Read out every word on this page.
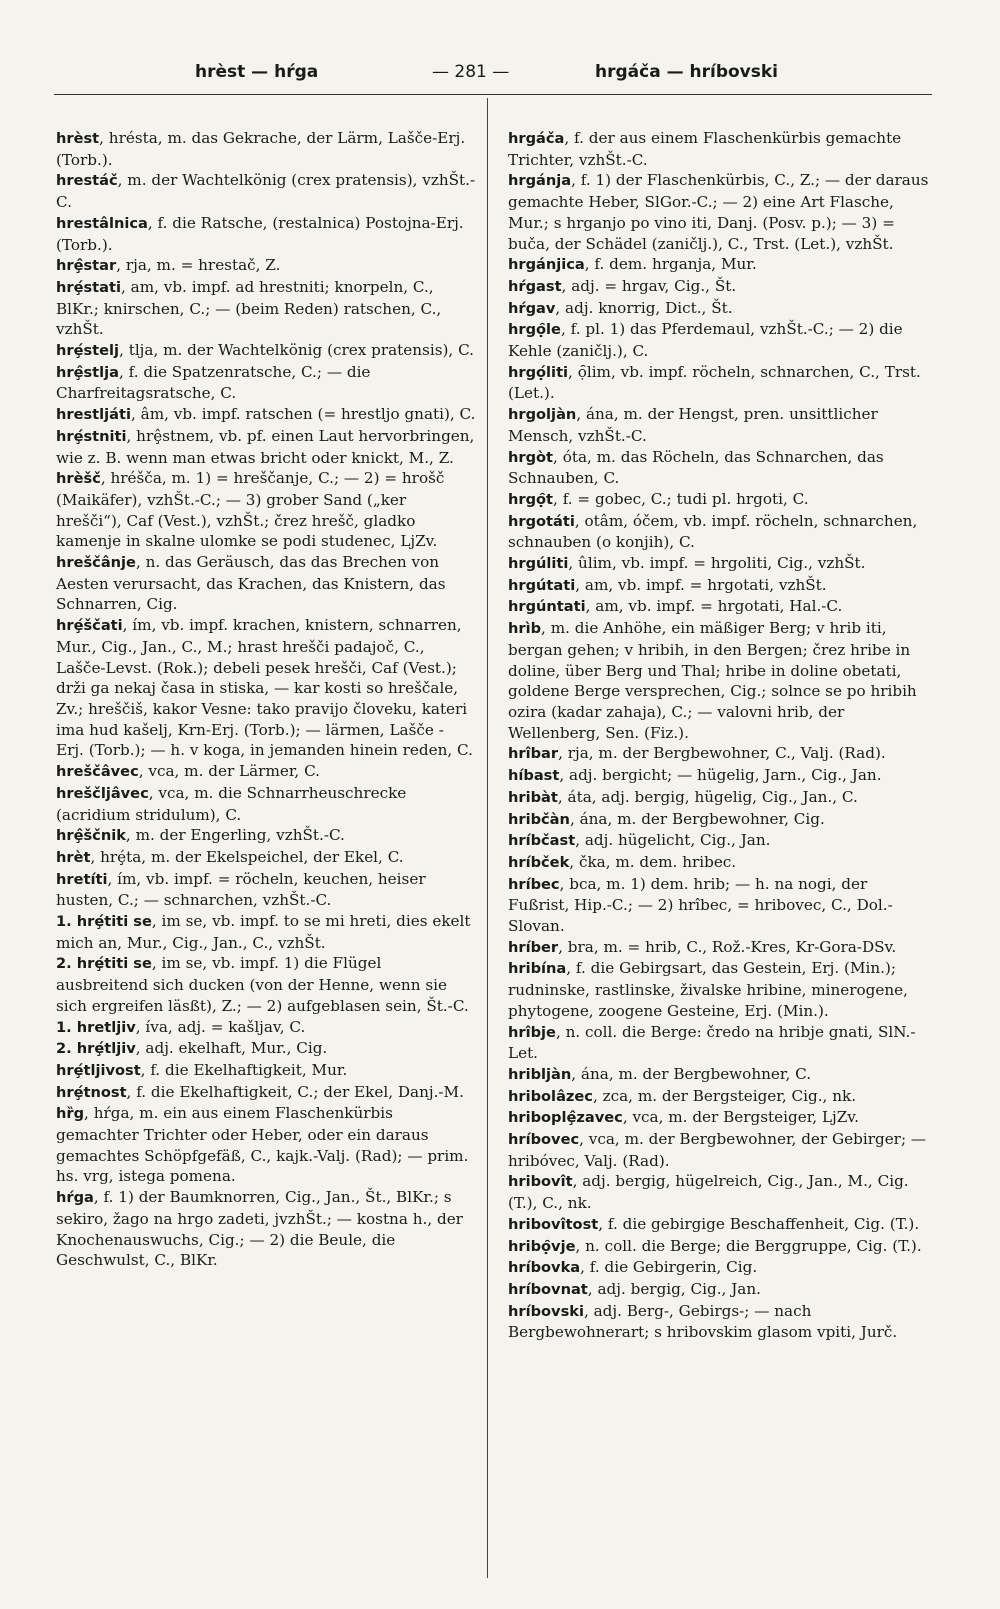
hrèst — hŕga	— 281 —	hrgáča — hríbovski

hrèst, hrésta, m. das Gekrache, der Lärm, Lašče-Erj. (Torb.).

hrestáč, m. der Wachtelkönig (crex pratensis), vzhŠt.-C.

hrestâlnica, f. die Ratsche, (restalnica) Postojna-Erj. (Torb.).

hrȩ̂star, rja, m. = hrestač, Z.

hrȩ́stati, am, vb. impf. ad hrestniti; knorpeln, C., BlKr.; knirschen, C.; — (beim Reden) ratschen, C., vzhŠt.

hrȩ́stelj, tlja, m. der Wachtelkönig (crex pratensis), C.

hrȩ̂stlja, f. die Spatzenratsche, C.; — die Charfreitagsratsche, C.

hrestljáti, âm, vb. impf. ratschen (= hrestljo gnati), C.

hrȩ́stniti, hrȩ̂stnem, vb. pf. einen Laut hervorbringen, wie z. B. wenn man etwas bricht oder knickt, M., Z.

hrèšč, hréšča, m. 1) = hreščanje, C.; — 2) = hrošč (Maikäfer), vzhŠt.-C.; — 3) grober Sand („ker hrešči“), Caf (Vest.), vzhŠt.; črez hrešč, gladko kamenje in skalne ulomke se podi studenec, LjZv.

hreščânje, n. das Geräusch, das das Brechen von Aesten verursacht, das Krachen, das Knistern, das Schnarren, Cig.

hrȩ́ščati, ím, vb. impf. krachen, knistern, schnarren, Mur., Cig., Jan., C., M.; hrast hrešči padajoč, C., Lašče-Levst. (Rok.); debeli pesek hrešči, Caf (Vest.); drži ga nekaj časa in stiska, — kar kosti so hreščale, Zv.; hreščiš, kakor Vesne: tako pravijo človeku, kateri ima hud kašelj, Krn-Erj. (Torb.); — lärmen, Lašče - Erj. (Torb.); — h. v koga, in jemanden hinein reden, C.

hreščâvec, vca, m. der Lärmer, C.

hreščljâvec, vca, m. die Schnarrheuschrecke (acridium stridulum), C.

hrȩ̂ščnik, m. der Engerling, vzhŠt.-C.

hrèt, hrȩ́ta, m. der Ekelspeichel, der Ekel, C.

hretíti, ím, vb. impf. = röcheln, keuchen, heiser husten, C.; — schnarchen, vzhŠt.-C.

1. hrȩ́titi se, im se, vb. impf. to se mi hreti, dies ekelt mich an, Mur., Cig., Jan., C., vzhŠt.

2. hrȩ́titi se, im se, vb. impf. 1) die Flügel ausbreitend sich ducken (von der Henne, wenn sie sich ergreifen läsßt), Z.; — 2) aufgeblasen sein, Št.-C.

1. hretljiv, íva, adj. = kašljav, C.

2. hrȩ́tljiv, adj. ekelhaft, Mur., Cig.

hrȩ́tljivost, f. die Ekelhaftigkeit, Mur.

hrȩ́tnost, f. die Ekelhaftigkeit, C.; der Ekel, Danj.-M.

hȑg, hŕga, m. ein aus einem Flaschenkürbis gemachter Trichter oder Heber, oder ein daraus gemachtes Schöpfgefäß, C., kajk.-Valj. (Rad); — prim. hs. vrg, istega pomena.

hŕga, f. 1) der Baumknorren, Cig., Jan., Št., BlKr.; s sekiro, žago na hrgo zadeti, jvzhŠt.; — kostna h., der Knochenauswuchs, Cig.; — 2) die Beule, die Geschwulst, C., BlKr.

hrgáča, f. der aus einem Flaschenkürbis gemachte Trichter, vzhŠt.-C.

hrgánja, f. 1) der Flaschenkürbis, C., Z.; — der daraus gemachte Heber, SlGor.-C.; — 2) eine Art Flasche, Mur.; s hrganjo po vino iti, Danj. (Posv. p.); — 3) = buča, der Schädel (zaničlj.), C., Trst. (Let.), vzhŠt.

hrgánjica, f. dem. hrganja, Mur.

hŕgast, adj. = hrgav, Cig., Št.

hŕgav, adj. knorrig, Dict., Št.

hrgọ̑le, f. pl. 1) das Pferdemaul, vzhŠt.-C.; — 2) die Kehle (zaničlj.), C.

hrgọ́liti, ọ̑lim, vb. impf. röcheln, schnarchen, C., Trst. (Let.).

hrgoljàn, ána, m. der Hengst, pren. unsittlicher Mensch, vzhŠt.-C.

hrgòt, óta, m. das Röcheln, das Schnarchen, das Schnauben, C.

hrgọ̑t, f. = gobec, C.; tudi pl. hrgoti, C.

hrgotáti, otâm, óčem, vb. impf. röcheln, schnarchen, schnauben (o konjih), C.

hrgúliti, ûlim, vb. impf. = hrgoliti, Cig., vzhŠt.

hrgútati, am, vb. impf. = hrgotati, vzhŠt.

hrgúntati, am, vb. impf. = hrgotati, Hal.-C.

hrìb, m. die Anhöhe, ein mäßiger Berg; v hrib iti, bergan gehen; v hribih, in den Bergen; črez hribe in doline, über Berg und Thal; hribe in doline obetati, goldene Berge versprechen, Cig.; solnce se po hribih ozira (kadar zahaja), C.; — valovni hrib, der Wellenberg, Sen. (Fiz.).

hrîbar, rja, m. der Bergbewohner, C., Valj. (Rad).

híbast, adj. bergicht; — hügelig, Jarn., Cig., Jan.

hribàt, áta, adj. bergig, hügelig, Cig., Jan., C.

hribčàn, ána, m. der Bergbewohner, Cig.

hríbčast, adj. hügelicht, Cig., Jan.

hríbček, čka, m. dem. hribec.

hríbec, bca, m. 1) dem. hrib; — h. na nogi, der Fußrist, Hip.-C.; — 2) hrîbec, = hribovec, C., Dol.-Slovan.

hríber, bra, m. = hrib, C., Rož.-Kres, Kr-Gora-DSv.

hribína, f. die Gebirgsart, das Gestein, Erj. (Min.); rudninske, rastlinske, živalske hribine, minerogene, phytogene, zoogene Gesteine, Erj. (Min.).

hrîbje, n. coll. die Berge: čredo na hribje gnati, SlN.-Let.

hribljàn, ána, m. der Bergbewohner, C.

hribolâzec, zca, m. der Bergsteiger, Cig., nk.

hriboplȩ̂zavec, vca, m. der Bergsteiger, LjZv.

hríbovec, vca, m. der Bergbewohner, der Gebirger; — hribóvec, Valj. (Rad).

hribovît, adj. bergig, hügelreich, Cig., Jan., M., Cig. (T.), C., nk.

hribovîtost, f. die gebirgige Beschaffenheit, Cig. (T.).

hribọ̑vje, n. coll. die Berge; die Berggruppe, Cig. (T.).

hríbovka, f. die Gebirgerin, Cig.

hríbovnat, adj. bergig, Cig., Jan.

hríbovski, adj. Berg-, Gebirgs-; — nach Bergbewohnerart; s hribovskim glasom vpiti, Jurč.
